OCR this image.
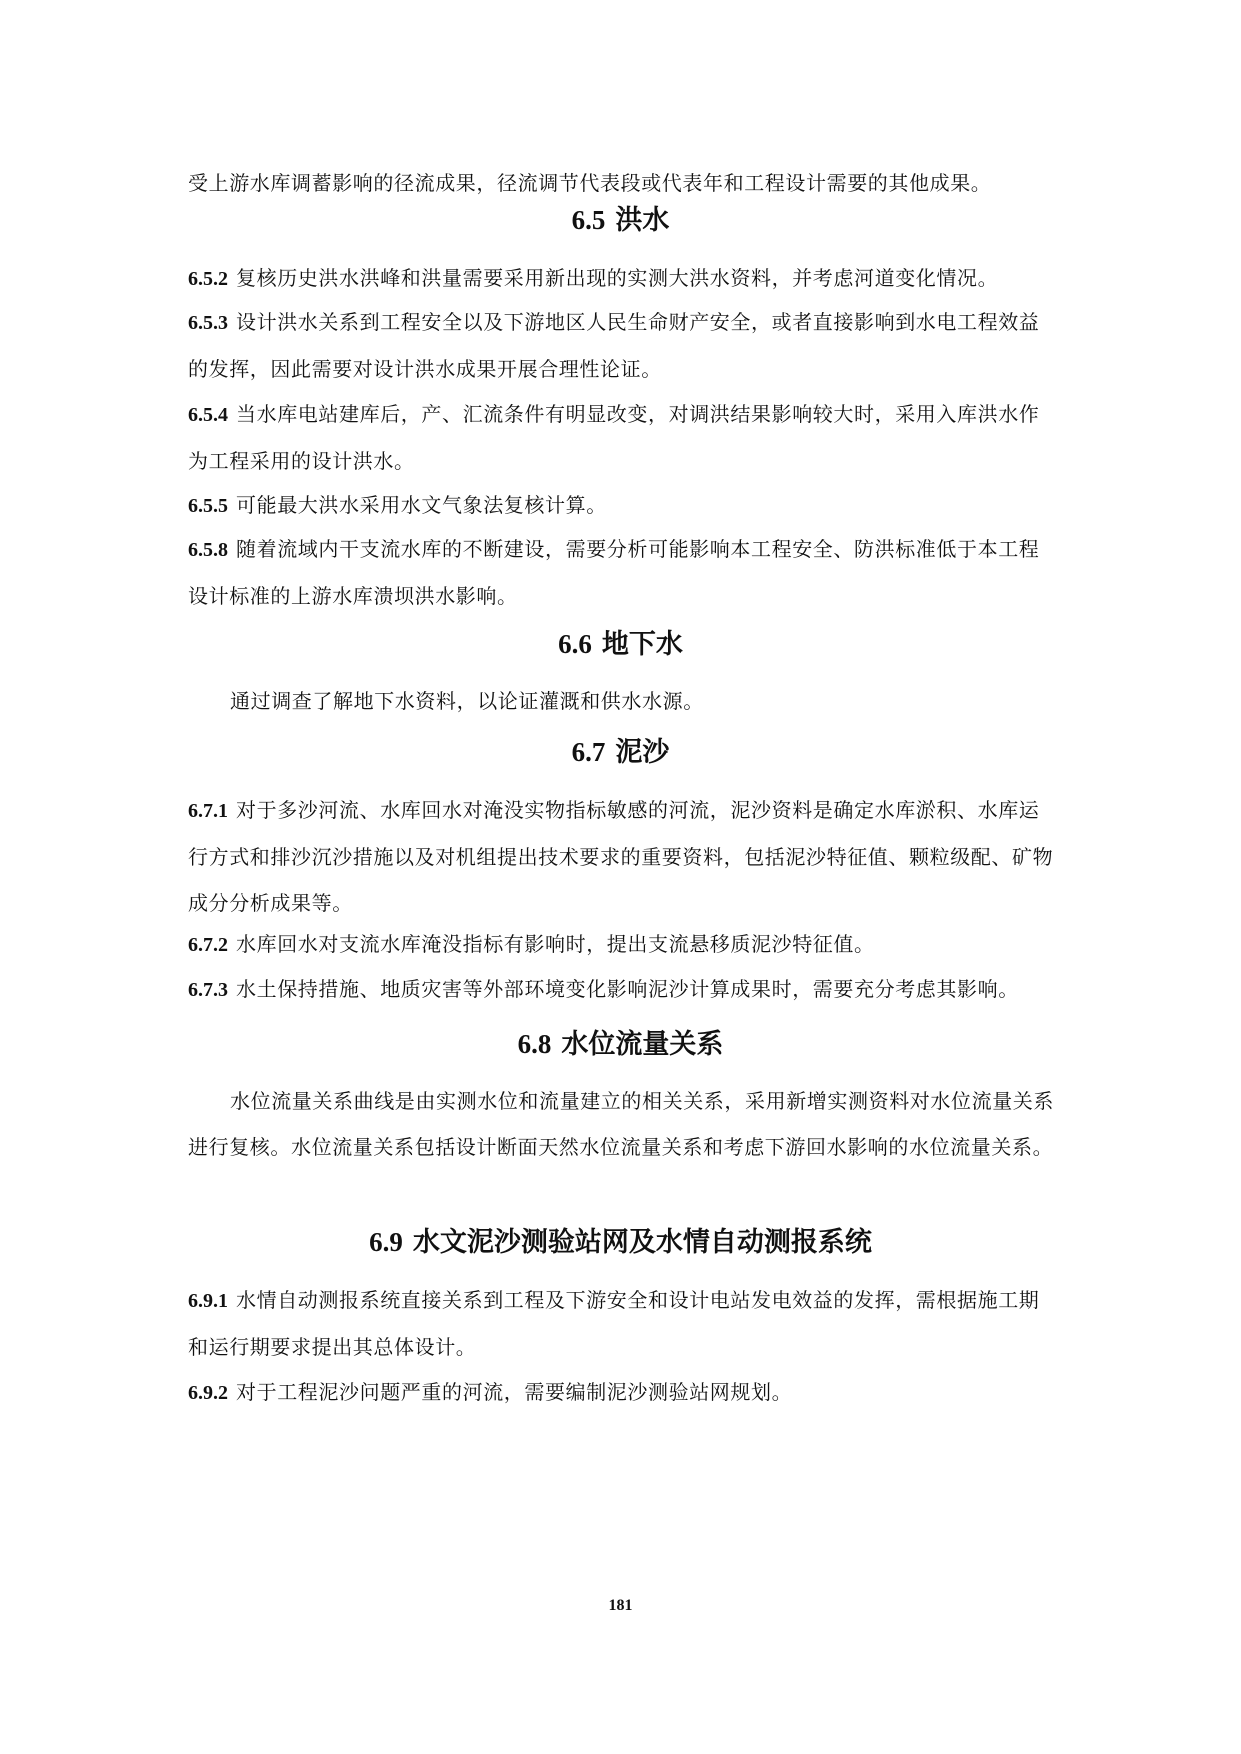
受上游水库调蓄影响的径流成果，径流调节代表段或代表年和工程设计需要的其他成果。

6.5 洪水

6.5.2 复核历史洪水洪峰和洪量需要采用新出现的实测大洪水资料，并考虑河道变化情况。

6.5.3 设计洪水关系到工程安全以及下游地区人民生命财产安全，或者直接影响到水电工程效益的发挥，因此需要对设计洪水成果开展合理性论证。

6.5.4 当水库电站建库后，产、汇流条件有明显改变，对调洪结果影响较大时，采用入库洪水作为工程采用的设计洪水。

6.5.5 可能最大洪水采用水文气象法复核计算。

6.5.8 随着流域内干支流水库的不断建设，需要分析可能影响本工程安全、防洪标准低于本工程设计标准的上游水库溃坝洪水影响。

6.6 地下水

通过调查了解地下水资料，以论证灌溉和供水水源。

6.7 泥沙

6.7.1 对于多沙河流、水库回水对淹没实物指标敏感的河流，泥沙资料是确定水库淤积、水库运行方式和排沙沉沙措施以及对机组提出技术要求的重要资料，包括泥沙特征值、颗粒级配、矿物成分分析成果等。

6.7.2 水库回水对支流水库淹没指标有影响时，提出支流悬移质泥沙特征值。

6.7.3 水土保持措施、地质灾害等外部环境变化影响泥沙计算成果时，需要充分考虑其影响。

6.8 水位流量关系

水位流量关系曲线是由实测水位和流量建立的相关关系，采用新增实测资料对水位流量关系进行复核。水位流量关系包括设计断面天然水位流量关系和考虑下游回水影响的水位流量关系。

6.9 水文泥沙测验站网及水情自动测报系统

6.9.1 水情自动测报系统直接关系到工程及下游安全和设计电站发电效益的发挥，需根据施工期和运行期要求提出其总体设计。

6.9.2 对于工程泥沙问题严重的河流，需要编制泥沙测验站网规划。

181
